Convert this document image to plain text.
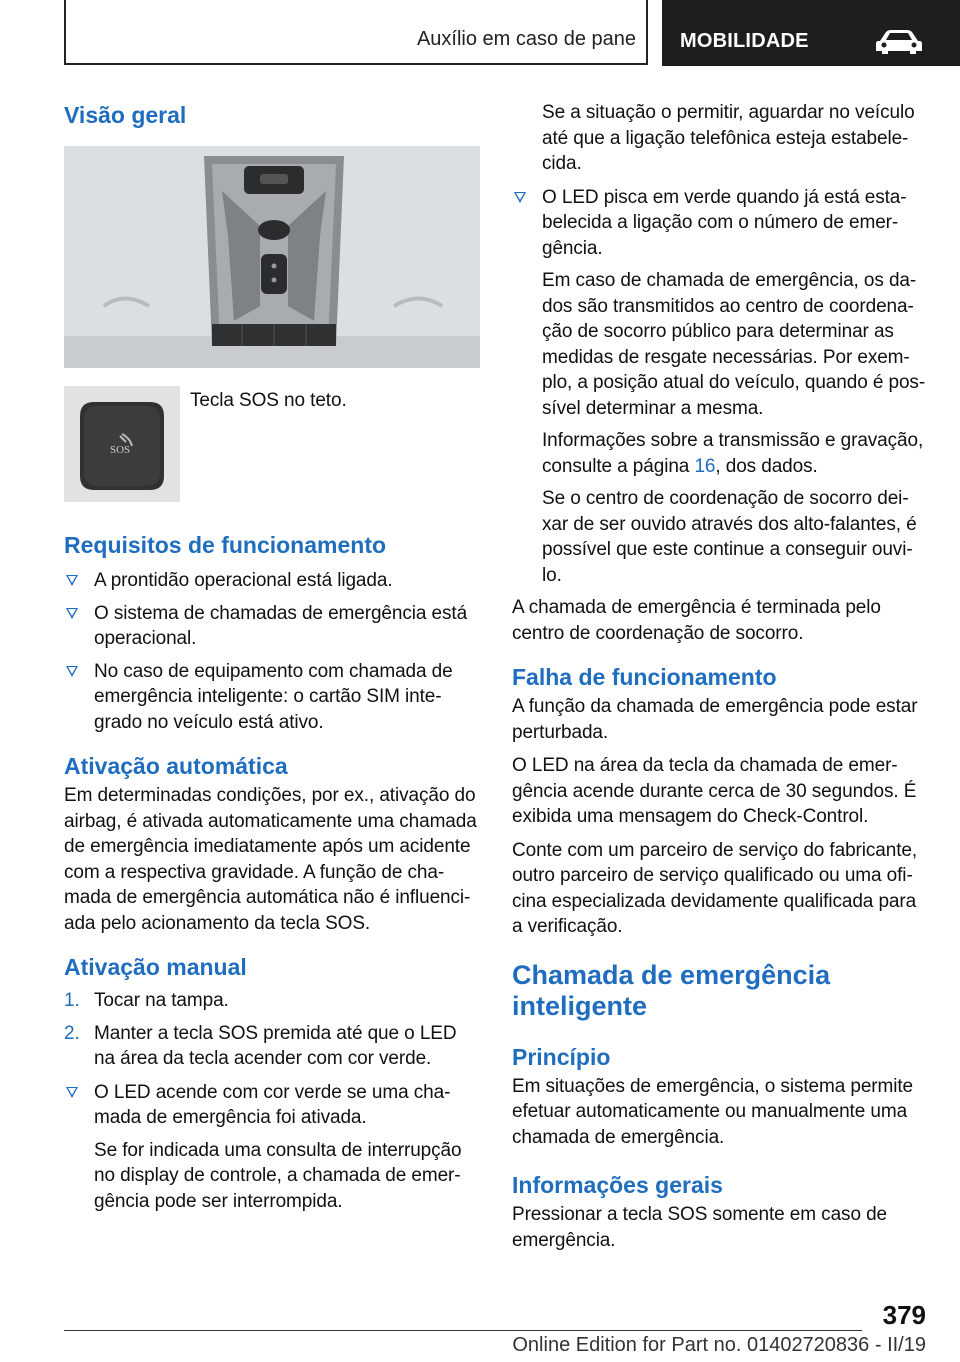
Auxílio em caso de pane MOBILIDADE
Visão geral
SOS
Tecla SOS no teto.
Requisitos de funcionamento
A prontidão operacional está ligada.
O sistema de chamadas de emergência está operacional.
No caso de equipamento com chamada de emergência inteligente: o cartão SIM integrado no veículo está ativo.
Ativação automática

Em determinadas condições, por ex., ativação do airbag, é ativada automaticamente uma chamada de emergência imediatamente após um acidente com a respectiva gravidade. A função de chamada de emergência automática não é influenciada pelo acionamento da tecla SOS.

Ativação manual
1. Tocar na tampa.
2. Manter a tecla SOS premida até que o LED na área da tecla acender com cor verde.
O LED acende com cor verde se uma chamada de emergência foi ativada.
Se for indicada uma consulta de interrupção no display de controle, a chamada de emergência pode ser interrompida.
Se a situação o permitir, aguardar no veículo até que a ligação telefônica esteja estabelecida.
O LED pisca em verde quando já está estabelecida a ligação com o número de emergência.
Em caso de chamada de emergência, os dados são transmitidos ao centro de coordenação de socorro público para determinar as medidas de resgate necessárias. Por exemplo, a posição atual do veículo, quando é possível determinar a mesma.
Informações sobre a transmissão e gravação, consulte a página 16, dos dados.
Se o centro de coordenação de socorro deixar de ser ouvido através dos alto-falantes, é possível que este continue a conseguir ouvi-lo.

A chamada de emergência é terminada pelo centro de coordenação de socorro.

Falha de funcionamento

A função da chamada de emergência pode estar perturbada.

O LED na área da tecla da chamada de emergência acende durante cerca de 30 segundos. É exibida uma mensagem do Check-Control.

Conte com um parceiro de serviço do fabricante, outro parceiro de serviço qualificado ou uma oficina especializada devidamente qualificada para a verificação.

Chamada de emergência inteligente
Princípio

Em situações de emergência, o sistema permite efetuar automaticamente ou manualmente uma chamada de emergência.

Informações gerais

Pressionar a tecla SOS somente em caso de emergência.

379
Online Edition for Part no. 01402720836 - II/19
